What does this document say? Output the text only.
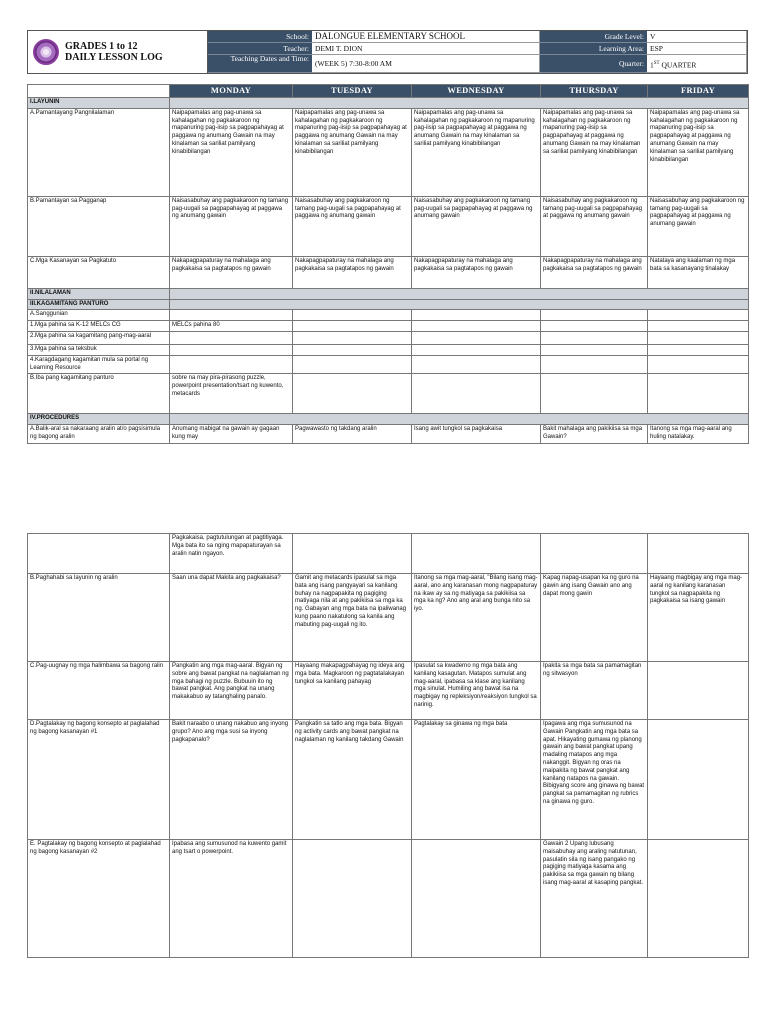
GRADES 1 to 12
DAILY LESSON LOG
School: DALONGUE ELEMENTARY SCHOOL	Grade Level: V
Teacher: DEMI T. DION	Learning Area: ESP
Teaching Dates and Time:
(WEEK 5) 7:30-8:00 AM	Quarter: 1ST QUARTER
	MONDAY	TUESDAY	WEDNESDAY	THURSDAY	FRIDAY
I.LAYUNIN					
A.Pamantayang Pangnilalaman	Naipapamalas ang pag-unawa sa kahalagahan ng pagkakaroon ng mapanuring pag-iisip sa pagpapahayag at paggawa ng anumang Gawain na may kinalaman sa sariliat pamilyang kinabibilangan	Naipapamalas ang pag-unawa sa kahalagahan ng pagkakaroon ng mapanuring pag-iisip sa pagpapahayag at paggawa ng anumang Gawain na may kinalaman sa sariliat pamilyang kinabibilangan	Naipapamalas ang pag-unawa sa kahalagahan ng pagkakaroon ng mapanuring pag-iisip sa pagpapahayag at paggawa ng anumang Gawain na may kinalaman sa sariliat pamilyang kinabibilangan	Naipapamalas ang pag-unawa sa kahalagahan ng pagkakaroon ng mapanuring pag-iisip sa pagpapahayag at paggawa ng anumang Gawain na may kinalaman sa sariliat pamilyang kinabibilangan	Naipapamalas ang pag-unawa sa kahalagahan ng pagkakaroon ng mapanuring pag-iisip sa pagpapahayag at paggawa ng anumang Gawain na may kinalaman sa sariliat pamilyang kinabibilangan
B.Pamantayan sa Pagganap	Naisasabuhay ang pagkakaroon ng tamang pag-uugali sa pagpapahayag at paggawa ng anumang gawain	Naisasabuhay ang pagkakaroon ng tamang pag-uugali sa pagpapahayag at paggawa ng anumang gawain	Naisasabuhay ang pagkakaroon ng tamang pag-uugali sa pagpapahayag at paggawa ng anumang gawain	Naisasabuhay ang pagkakaroon ng tamang pag-uugali sa pagpapahayag at paggawa ng anumang gawain	Naisasabuhay ang pagkakaroon ng tamang pag-uugali sa pagpapahayag at paggawa ng anumang gawain
C.Mga Kasanayan sa Pagkatuto	Nakapagpapaturay na mahalaga ang pagkakaisa sa pagtatapos ng gawain	Nakapagpapaturay na mahalaga ang pagkakaisa sa pagtatapos ng gawain	Nakapagpapaturay na mahalaga ang pagkakaisa sa pagtatapos ng gawain	Nakapagpapaturay na mahalaga ang pagkakaisa sa pagtatapos ng gawain	Natataya ang kaalaman ng mga bata sa kasanayang tinalakay
II.NILALAMAN					
III.KAGAMITANG PANTURO					
A.Sanggunian					
1.Mga pahina sa K-12 MELCs CG	MELCs pahina 80				
2.Mga pahina sa kagamitang pang-mag-aaral					
3.Mga pahina sa teksbuk					
4.Karagdagang kagamitan mula sa portal ng Learning Resource					
B.Iba pang kagamitang panturo	sobre na may pira-pirasong puzzle, powerpoint presentation/tsart ng kuwento, metacards				
IV.PROCEDURES					
A.Balik-aral sa nakaraang aralin at/o pagsisimula ng bagong aralin	Anumang mabigat na gawain ay gagaan kung may	Pagwawasto ng takdang aralin	Isang awit tungkol sa pagkakaisa	Bakit mahalaga ang pakikiisa sa mga Gawain?	Itanong sa mga mag-aaral ang huling natalakay.
	Pagkakaisa, pagtutulungan at pagtitiyaga. Mga bata ito sa nging mapapaturayan sa aralin natin ngayon.				
B.Paghahabi sa layunin ng aralin	Saan una dapat Makita ang pagkakaisa?	Gamit ang metacards ipasulat sa mga bata ang isang pangyayari sa kanilang buhay na nagpapakita ng pagiging matiyaga nila at ang pakikiisa sa mga ka ng. Gabayan ang mga bata na ipaliwanag kung paano nakatulong sa kanila ang mabuting pag-uugali ng ito.	Itanong sa mga mag-aaral, "Bilang isang mag-aaral, ano ang karanasan mong nagpapaturay na ikaw ay sa ng matiyaga sa pakikiisa sa mga ka ng? Ano ang aral ang bunga nito sa iyo.	Kapag napag-usapan ka ng guro na gawin ang isang Gawain ano ang dapat mong gawin	Hayaang magbigay ang mga mag-aaral ng kanilang karanasan tungkol sa nagpapakita ng pagkakaisa sa isang gawain
C.Pag-uugnay ng mga halimbawa sa bagong ralin	Pangkatin ang mga mag-aaral. Bigyan ng sobre ang bawat pangkat na naglalaman ng mga bahagi ng puzzle. Bubuuin ito ng bawat pangkat. Ang pangkat na unang makakabuo ay tatanghaling panalo.	Hayaang makapagpahayag ng ideya ang mga bata. Magkaroon ng pagtatalakayan tungkol sa kanilang pahayag	Ipasulat sa kwaderno ng mga bata ang kanilang kasagutan. Matapos sumulat ang mag-aaral, ipabasa sa klase ang kanilang mga sinulat. Humiling ang bawat isa na magbigay ng repleksiyon/reaksiyon tungkol sa narinig.	Ipakita sa mga bata sa pamamagitan ng sitwasyon	
D.Pagtalakay ng bagong konsepto at paglalahad ng bagong kasanayan #1	Bakit naraabo o unang nakabuo ang inyong grupo? Ano ang mga susi sa inyong pagkapanalo?	Pangkatin sa tatlo ang mga bata. Bigyan ng activity cards ang bawat pangkat na naglalaman ng kanilang takdang Gawain	Pagtalakay sa ginawa ng mga bata	Ipagawa ang mga sumusunod na Gawain Pangkatin ang mga bata sa apat. Hikayating gumawa ng planong gawain ang bawat pangkat upang madaling matapos ang mga nakanggit. Bigyan ng oras na maipakita ng bawat pangkat ang kanilang natapos na gawain. Bibigyang score ang ginawa ng bawat pangkat sa pamamagitan ng rubrics na ginawa ng guro.	
E. Pagtalakay ng bagong konsepto at paglalahad ng bagong kasanayan #2	Ipabasa ang sumusunod na kuwento gamit ang tsart o powerpoint.			Gawain 2 Upang lubusang maisabuhay ang araling natutunan, pasulatin sila ng isang pangako ng pagiging matiyaga kasama ang pakikiisa sa mga gawain ng bilang isang mag-aaral at kasaping pangkat.	
